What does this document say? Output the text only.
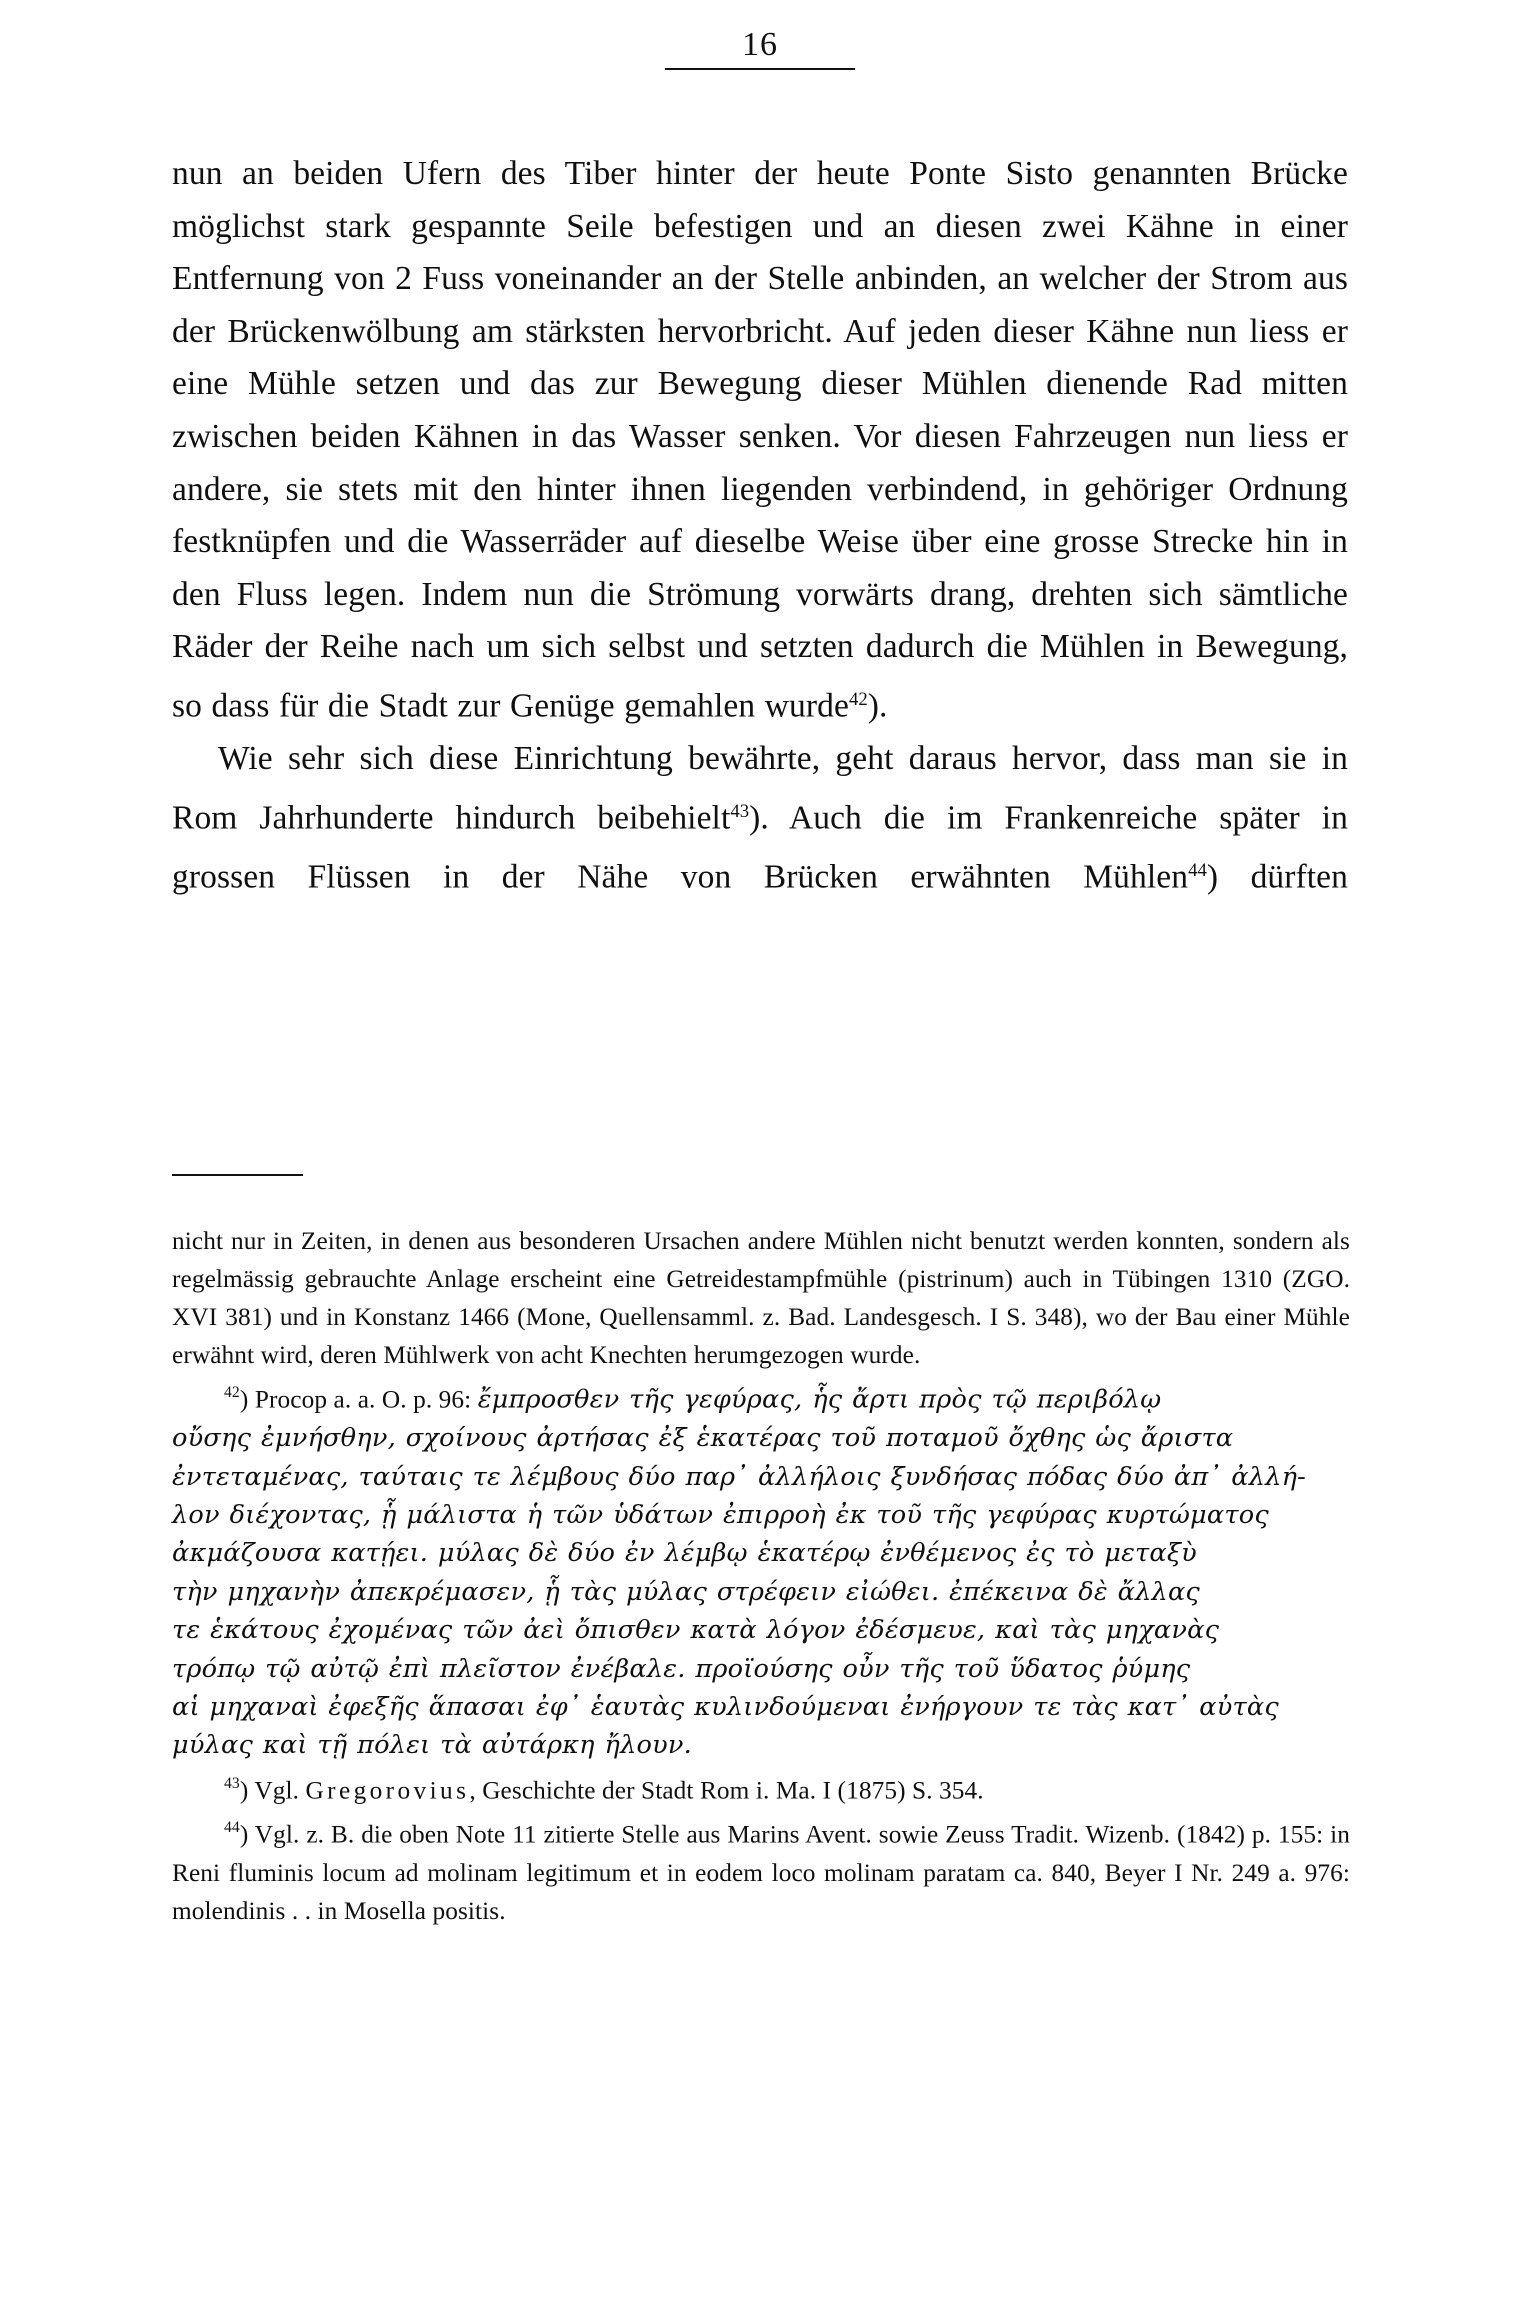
16

nun an beiden Ufern des Tiber hinter der heute Ponte Sisto genannten Brücke möglichst stark gespannte Seile befestigen und an diesen zwei Kähne in einer Entfernung von 2 Fuss voneinander an der Stelle anbinden, an welcher der Strom aus der Brückenwölbung am stärksten hervorbricht. Auf jeden dieser Kähne nun liess er eine Mühle setzen und das zur Bewegung dieser Mühlen dienende Rad mitten zwischen beiden Kähnen in das Wasser senken. Vor diesen Fahrzeugen nun liess er andere, sie stets mit den hinter ihnen liegenden verbindend, in gehöriger Ordnung festknüpfen und die Wasserräder auf dieselbe Weise über eine grosse Strecke hin in den Fluss legen. Indem nun die Strömung vorwärts drang, drehten sich sämtliche Räder der Reihe nach um sich selbst und setzten dadurch die Mühlen in Bewegung, so dass für die Stadt zur Genüge gemahlen wurde$^{42}$).

Wie sehr sich diese Einrichtung bewährte, geht daraus hervor, dass man sie in Rom Jahrhunderte hindurch beibehielt$^{43}$). Auch die im Frankenreiche später in grossen Flüssen in der Nähe von Brücken erwähnten Mühlen$^{44}$) dürften

nicht nur in Zeiten, in denen aus besonderen Ursachen andere Mühlen nicht benutzt werden konnten, sondern als regelmässig gebrauchte Anlage erscheint eine Getreidestampfmühle (pistrinum) auch in Tübingen 1310 (ZGO. XVI 381) und in Konstanz 1466 (Mone, Quellensamml. z. Bad. Landesgesch. I S. 348), wo der Bau einer Mühle erwähnt wird, deren Mühlwerk von acht Knechten herumgezogen wurde.

$^{42}$) Procop a. a. O. p. 96: ἔμπροσθεν τῆς γεφύρας, ἧς ἄρτι πρὸς τῷ περιβόλῳ

οὔσης ἐμνήσθην, σχοίνους ἀρτήσας ἐξ ἑκατέρας τοῦ ποταμοῦ ὄχθης ὡς ἄριστα

ἐντεταμένας, ταύταις τε λέμβους δύο παρ᾽ ἀλλήλοις ξυνδήσας πόδας δύο ἀπ᾽ ἀλλή-

λον διέχοντας, ᾗ μάλιστα ἡ τῶν ὑδάτων ἐπιρροὴ ἐκ τοῦ τῆς γεφύρας κυρτώματος

ἀκμάζουσα κατῄει. μύλας δὲ δύο ἐν λέμβῳ ἑκατέρῳ ἐνθέμενος ἐς τὸ μεταξὺ

τὴν μηχανὴν ἀπεκρέμασεν, ᾗ τὰς μύλας στρέφειν εἰώθει. ἐπέκεινα δὲ ἄλλας

τε ἑκάτους ἐχομένας τῶν ἀεὶ ὄπισθεν κατὰ λόγον ἐδέσμευε, καὶ τὰς μηχανὰς

τρόπῳ τῷ αὐτῷ ἐπὶ πλεῖστον ἐνέβαλε. προϊούσης οὖν τῆς τοῦ ὕδατος ῥύμης

αἱ μηχαναὶ ἐφεξῆς ἅπασαι ἐφ᾽ ἑαυτὰς κυλινδούμεναι ἐνήργουν τε τὰς κατ᾽ αὐτὰς

μύλας καὶ τῇ πόλει τὰ αὐτάρκη ἤλουν.

$^{43}$) Vgl. Gregorovius, Geschichte der Stadt Rom i. Ma. I (1875) S. 354.

$^{44}$) Vgl. z. B. die oben Note 11 zitierte Stelle aus Marins Avent. sowie Zeuss Tradit. Wizenb. (1842) p. 155: in Reni fluminis locum ad molinam legitimum et in eodem loco molinam paratam ca. 840, Beyer I Nr. 249 a. 976: molendinis . . in Mosella positis.
